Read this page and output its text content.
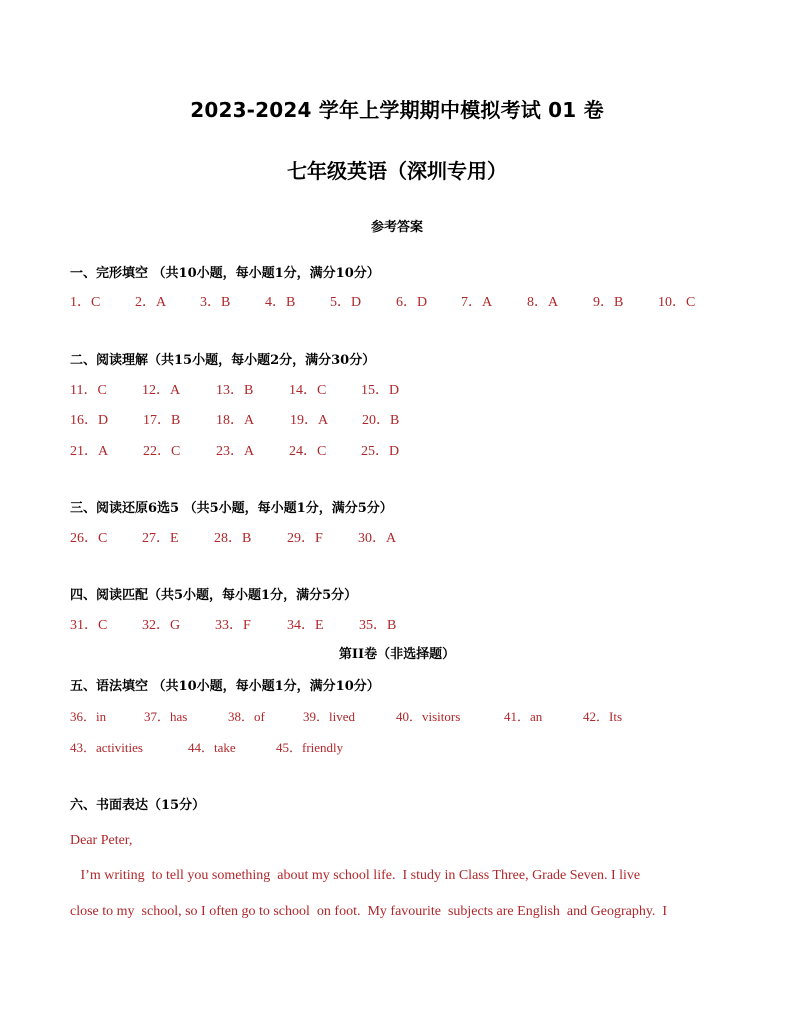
2023-2024 学年上学期期中模拟考试 01 卷
七年级英语（深圳专用）
参考答案
一、完形填空 （共10小题，每小题1分，满分10分）
1．C 2．A 3．B 4．B 5．D 6．D 7．A 8．A 9．B 10．C
二、阅读理解（共15小题，每小题2分，满分30分）
11．C	12．A	13．B	14．C 15．D
16．D 17．B	18．A	19．A 20．B
21．A 22．C	23．A 24．C 25．D
三、阅读还原6选5 （共5小题，每小题1分，满分5分）
26．C 27．E	28．B	29．F	30．A
四、阅读匹配（共5小题，每小题1分，满分5分）
31．C 32．G 33．F	34．E	35．B
第II卷（非选择题）
五、语法填空 （共10小题，每小题1分，满分10分）
36．in	37．has	38．of	39．lived	40．visitors	41．an	42．Its
43．activities	44．take	45．friendly
六、书面表达（15分）
Dear Peter,
I’m writing  to tell you something  about my school life.  I study in Class Three, Grade Seven. I live
close to my  school, so I often go to school  on foot.  My favourite  subjects are English  and Geography.  I
